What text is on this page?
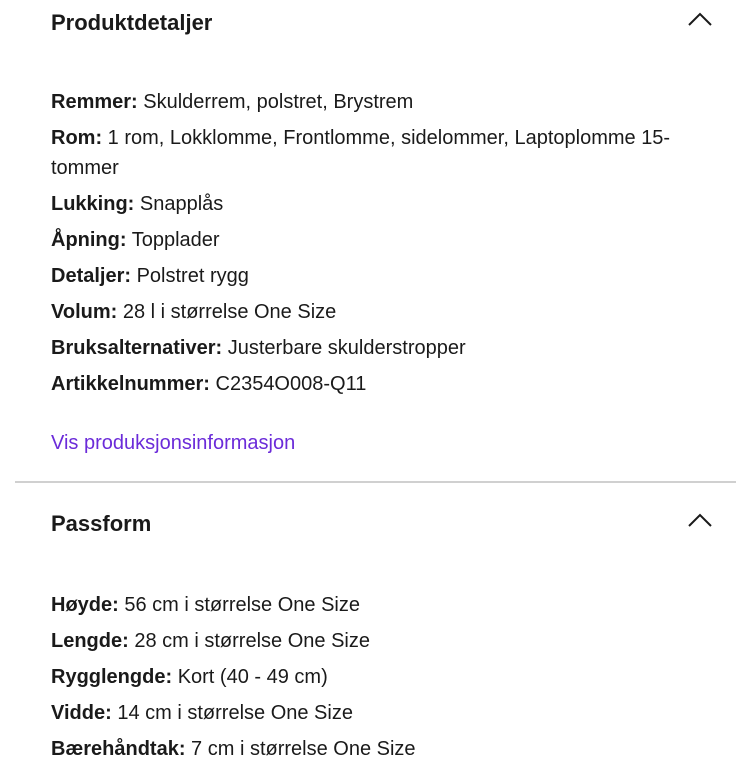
Produktdetaljer
Remmer: Skulderrem, polstret, Brystrem
Rom: 1 rom, Lokklomme, Frontlomme, sidelommer, Laptoplomme 15-tommer
Lukking: Snapplås
Åpning: Topplader
Detaljer: Polstret rygg
Volum: 28 l i størrelse One Size
Bruksalternativer: Justerbare skulderstropper
Artikkelnummer: C2354O008-Q11
Vis produksjonsinformasjon
Passform
Høyde: 56 cm i størrelse One Size
Lengde: 28 cm i størrelse One Size
Rygglengde: Kort (40 - 49 cm)
Vidde: 14 cm i størrelse One Size
Bærehåndtak: 7 cm i størrelse One Size
